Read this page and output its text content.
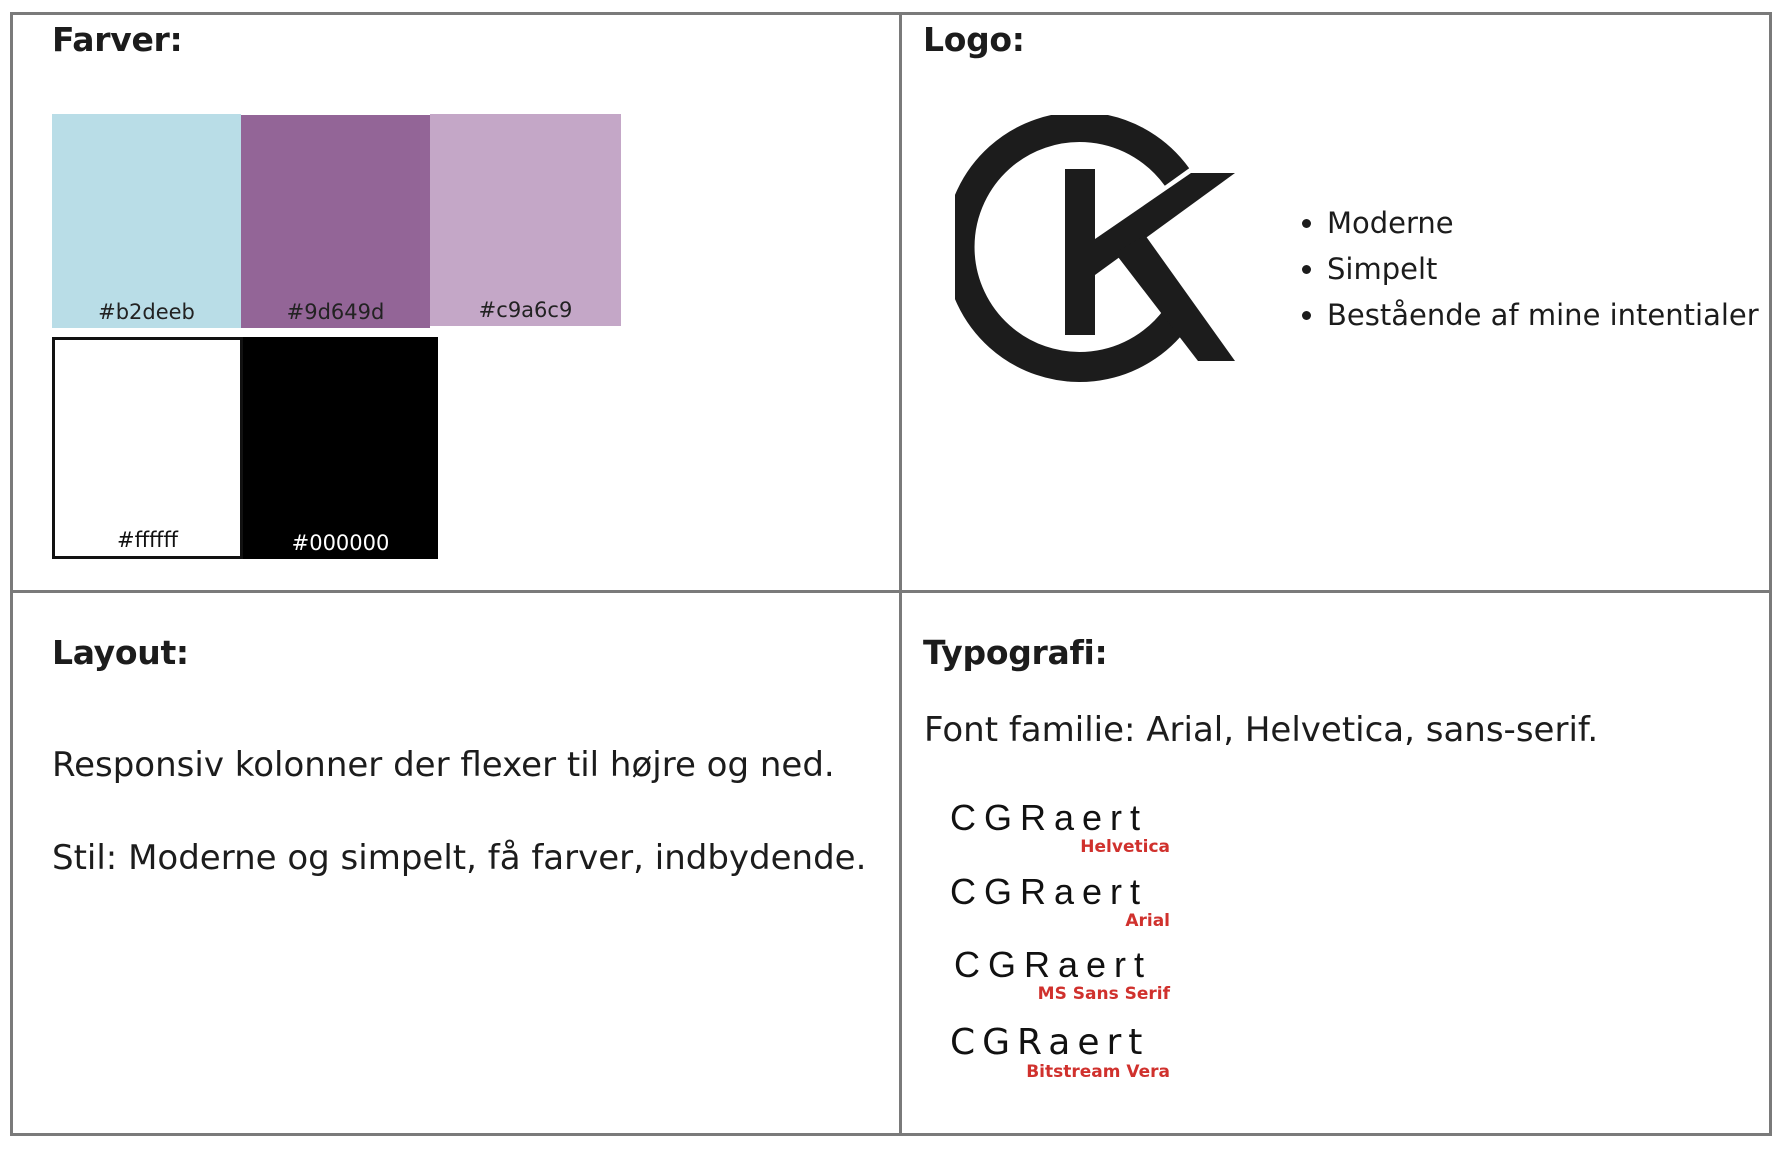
Farver:
#b2deeb	#9d649d	#c9a6c9
#ffffff	#000000
Logo:
• Moderne
• Simpelt
• Bestående af mine intentialer
Layout:

Responsiv kolonner der flexer til højre og ned.

Stil: Moderne og simpelt, få farver, indbydende.

Typografi:

Font familie: Arial, Helvetica, sans-serif.

CGRaert
Helvetica
CGRaert
Arial
CGRaert
MS Sans Serif
CGRaert
Bitstream Vera
